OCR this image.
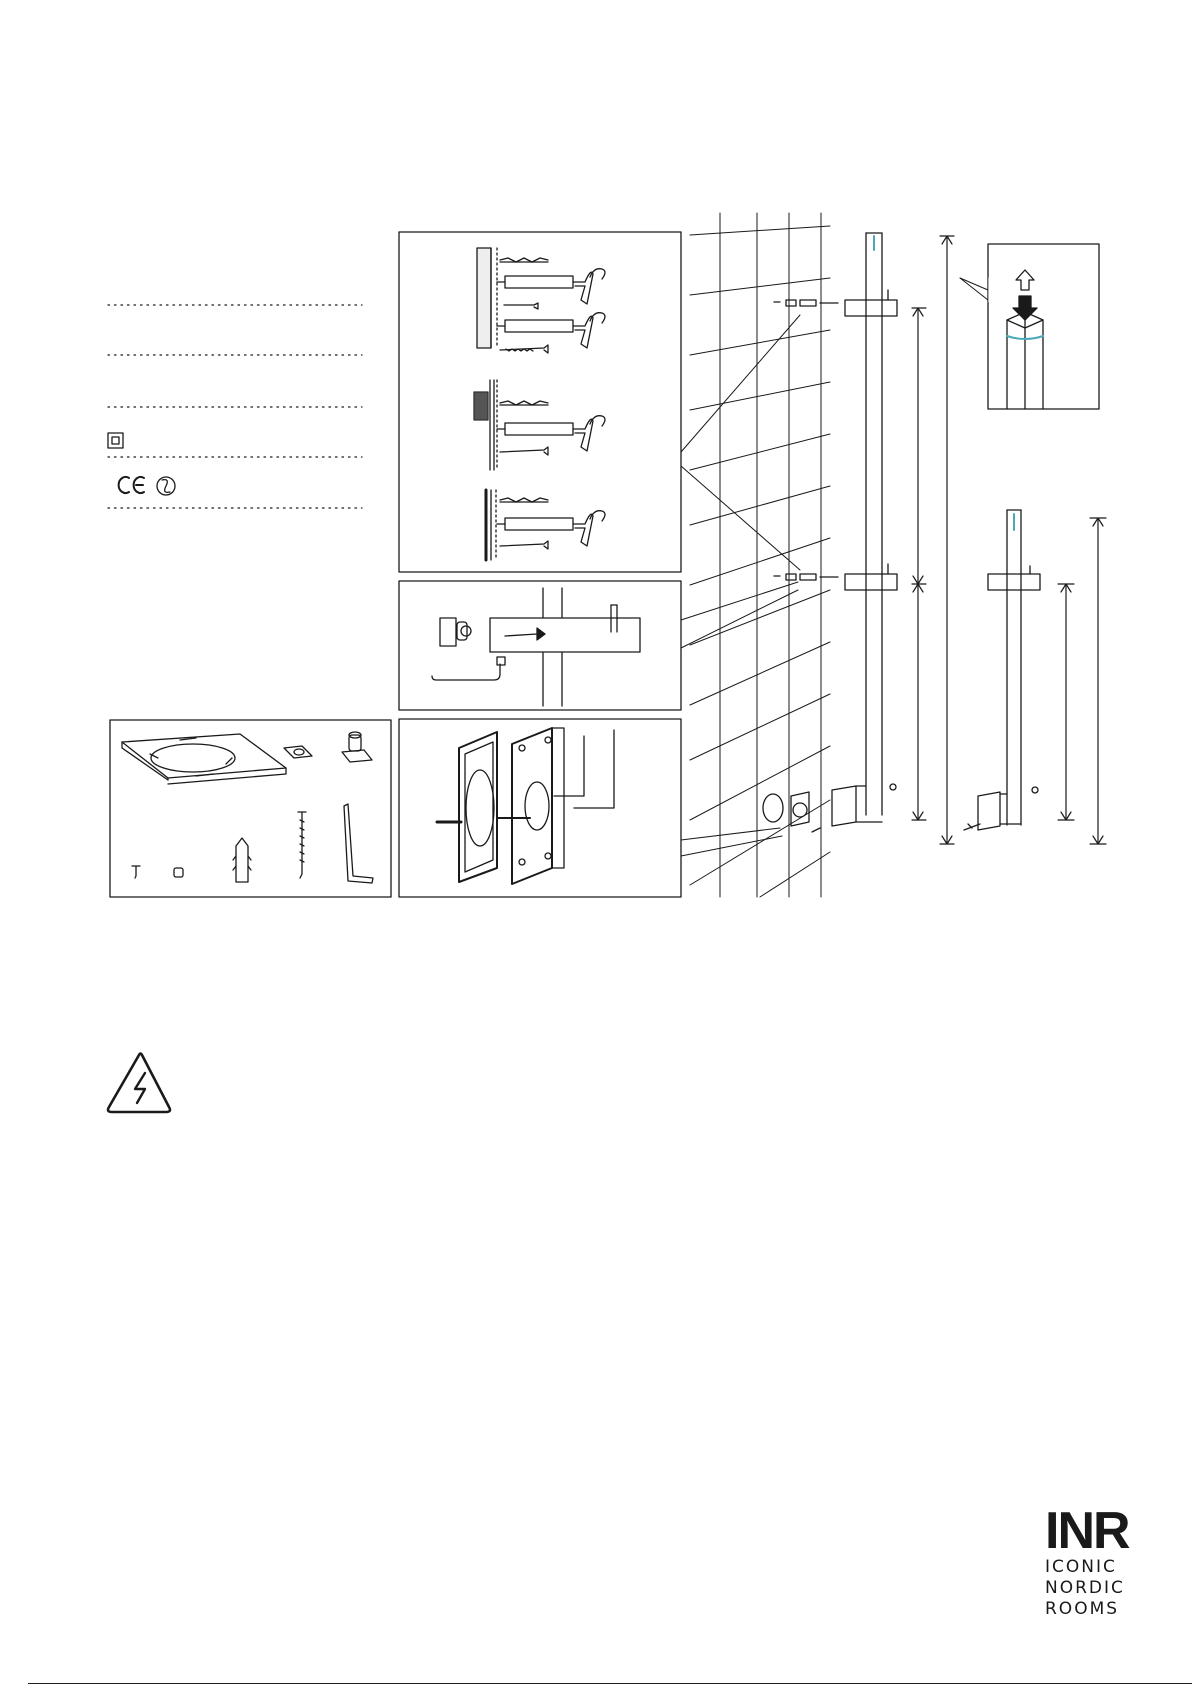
INR
ICONIC
NORDIC
ROOMS
